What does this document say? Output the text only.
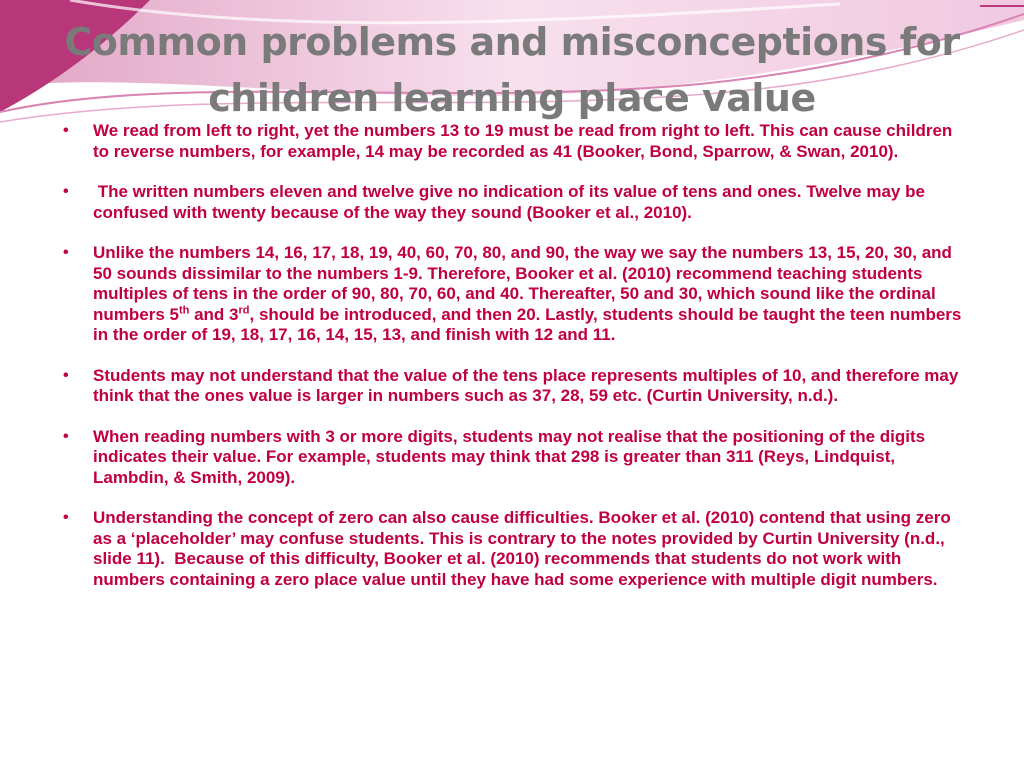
Common problems and misconceptions for
children learning place value
• We read from left to right, yet the numbers 13 to 19 must be read from right to left. This can cause children to reverse numbers, for example, 14 may be recorded as 41 (Booker, Bond, Sparrow, & Swan, 2010).
• The written numbers eleven and twelve give no indication of its value of tens and ones. Twelve may be confused with twenty because of the way they sound (Booker et al., 2010).
• Unlike the numbers 14, 16, 17, 18, 19, 40, 60, 70, 80, and 90, the way we say the numbers 13, 15, 20, 30, and 50 sounds dissimilar to the numbers 1-9. Therefore, Booker et al. (2010) recommend teaching students multiples of tens in the order of 90, 80, 70, 60, and 40. Thereafter, 50 and 30, which sound like the ordinal numbers 5th and 3rd, should be introduced, and then 20. Lastly, students should be taught the teen numbers in the order of 19, 18, 17, 16, 14, 15, 13, and finish with 12 and 11.
• Students may not understand that the value of the tens place represents multiples of 10, and therefore may think that the ones value is larger in numbers such as 37, 28, 59 etc. (Curtin University, n.d.).
• When reading numbers with 3 or more digits, students may not realise that the positioning of the digits indicates their value. For example, students may think that 298 is greater than 311 (Reys, Lindquist, Lambdin, & Smith, 2009).
• Understanding the concept of zero can also cause difficulties. Booker et al. (2010) contend that using zero as a ‘placeholder’ may confuse students. This is contrary to the notes provided by Curtin University (n.d., slide 11).  Because of this difficulty, Booker et al. (2010) recommends that students do not work with numbers containing a zero place value until they have had some experience with multiple digit numbers.
